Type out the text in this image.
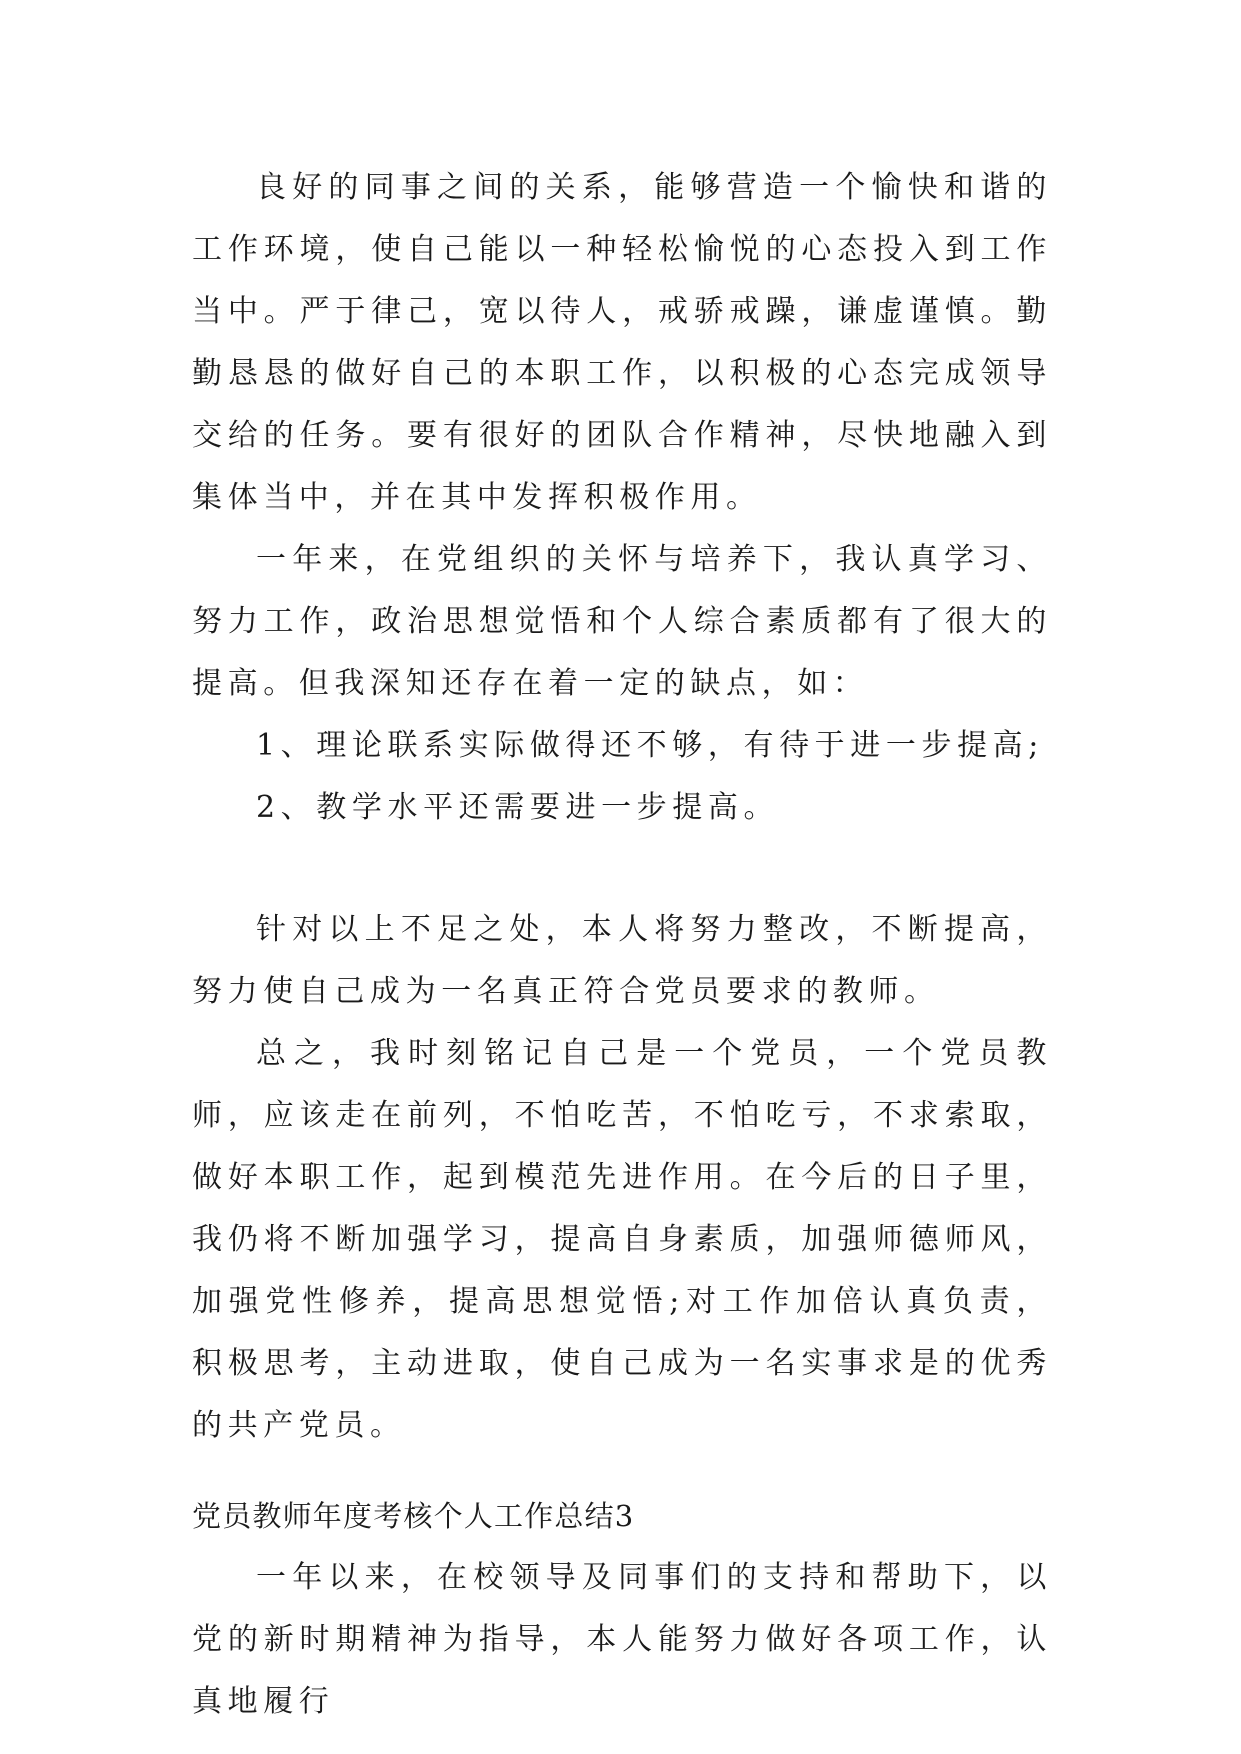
良好的同事之间的关系，能够营造一个愉快和谐的工作环境，使自己能以一种轻松愉悦的心态投入到工作当中。严于律己，宽以待人，戒骄戒躁，谦虚谨慎。勤勤恳恳的做好自己的本职工作，以积极的心态完成领导交给的任务。要有很好的团队合作精神，尽快地融入到集体当中，并在其中发挥积极作用。

一年来，在党组织的关怀与培养下，我认真学习、努力工作，政治思想觉悟和个人综合素质都有了很大的提高。但我深知还存在着一定的缺点，如：

1、理论联系实际做得还不够，有待于进一步提高;

2、教学水平还需要进一步提高。

针对以上不足之处，本人将努力整改，不断提高，努力使自己成为一名真正符合党员要求的教师。

总之，我时刻铭记自己是一个党员，一个党员教师，应该走在前列，不怕吃苦，不怕吃亏，不求索取，做好本职工作，起到模范先进作用。在今后的日子里，我仍将不断加强学习，提高自身素质，加强师德师风，加强党性修养，提高思想觉悟;对工作加倍认真负责，积极思考，主动进取，使自己成为一名实事求是的优秀的共产党员。

党员教师年度考核个人工作总结3

一年以来，在校领导及同事们的支持和帮助下，以党的新时期精神为指导，本人能努力做好各项工作，认真地履行
